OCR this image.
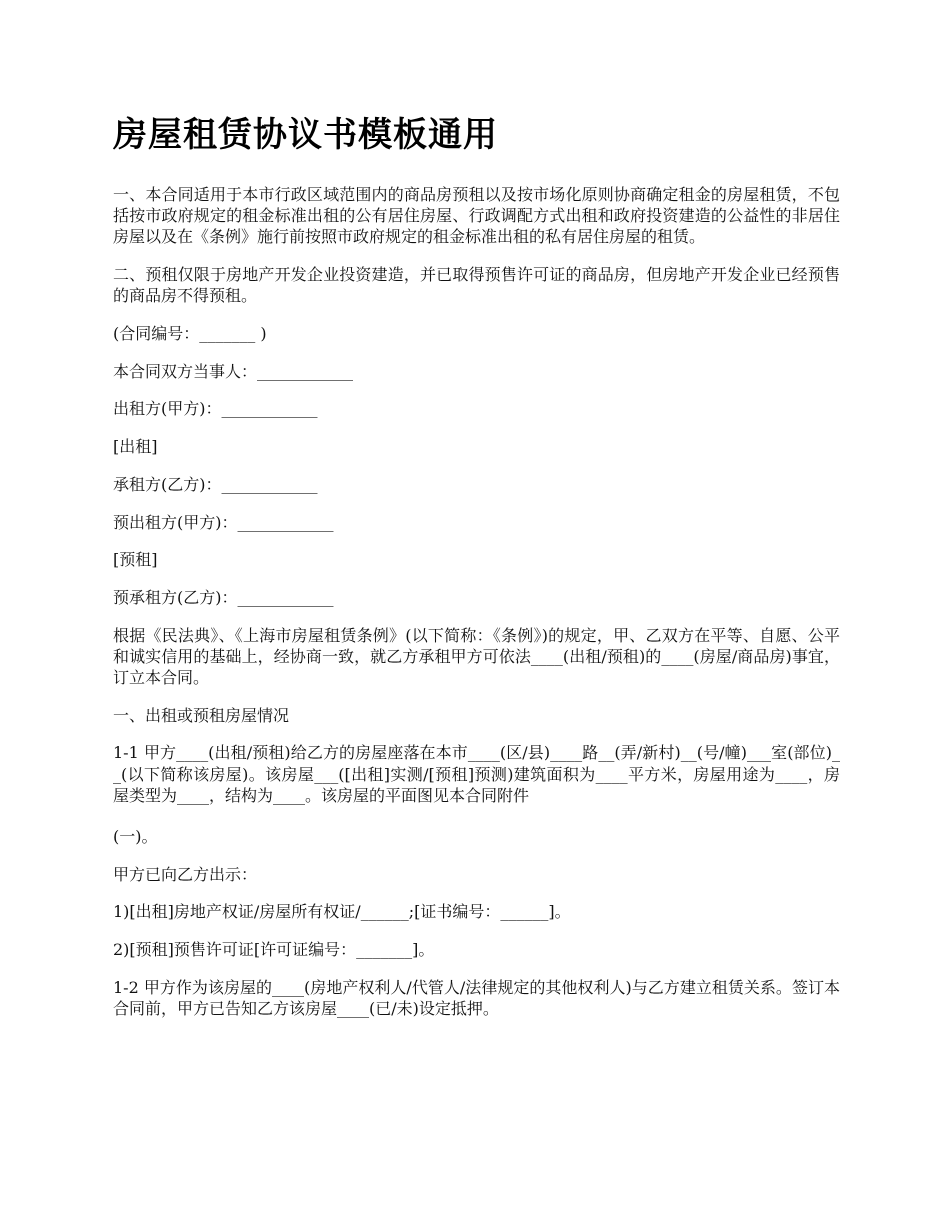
房屋租赁协议书模板通用

一、本合同适用于本市行政区域范围内的商品房预租以及按市场化原则协商确定租金的房屋租赁，不包括按市政府规定的租金标准出租的公有居住房屋、行政调配方式出租和政府投资建造的公益性的非居住房屋以及在《条例》施行前按照市政府规定的租金标准出租的私有居住房屋的租赁。

二、预租仅限于房地产开发企业投资建造，并已取得预售许可证的商品房，但房地产开发企业已经预售的商品房不得预租。

(合同编号：_______ )

本合同双方当事人：____________

出租方(甲方)：____________

[出租]

承租方(乙方)：____________

预出租方(甲方)：____________

[预租]

预承租方(乙方)：____________

根据《民法典》、《上海市房屋租赁条例》(以下简称：《条例》)的规定，甲、乙双方在平等、自愿、公平和诚实信用的基础上，经协商一致，就乙方承租甲方可依法____(出租/预租)的____(房屋/商品房)事宜，订立本合同。

一、出租或预租房屋情况

1-1 甲方____(出租/预租)给乙方的房屋座落在本市____(区/县)____路__(弄/新村)__(号/幢)___室(部位)__(以下简称该房屋)。该房屋___([出租]实测/[预租]预测)建筑面积为____平方米，房屋用途为____，房屋类型为____，结构为____。该房屋的平面图见本合同附件

(一)。

甲方已向乙方出示：

1)[出租]房地产权证/房屋所有权证/______;[证书编号：______]。

2)[预租]预售许可证[许可证编号：_______]。

1-2 甲方作为该房屋的____(房地产权利人/代管人/法律规定的其他权利人)与乙方建立租赁关系。签订本合同前，甲方已告知乙方该房屋____(已/未)设定抵押。
